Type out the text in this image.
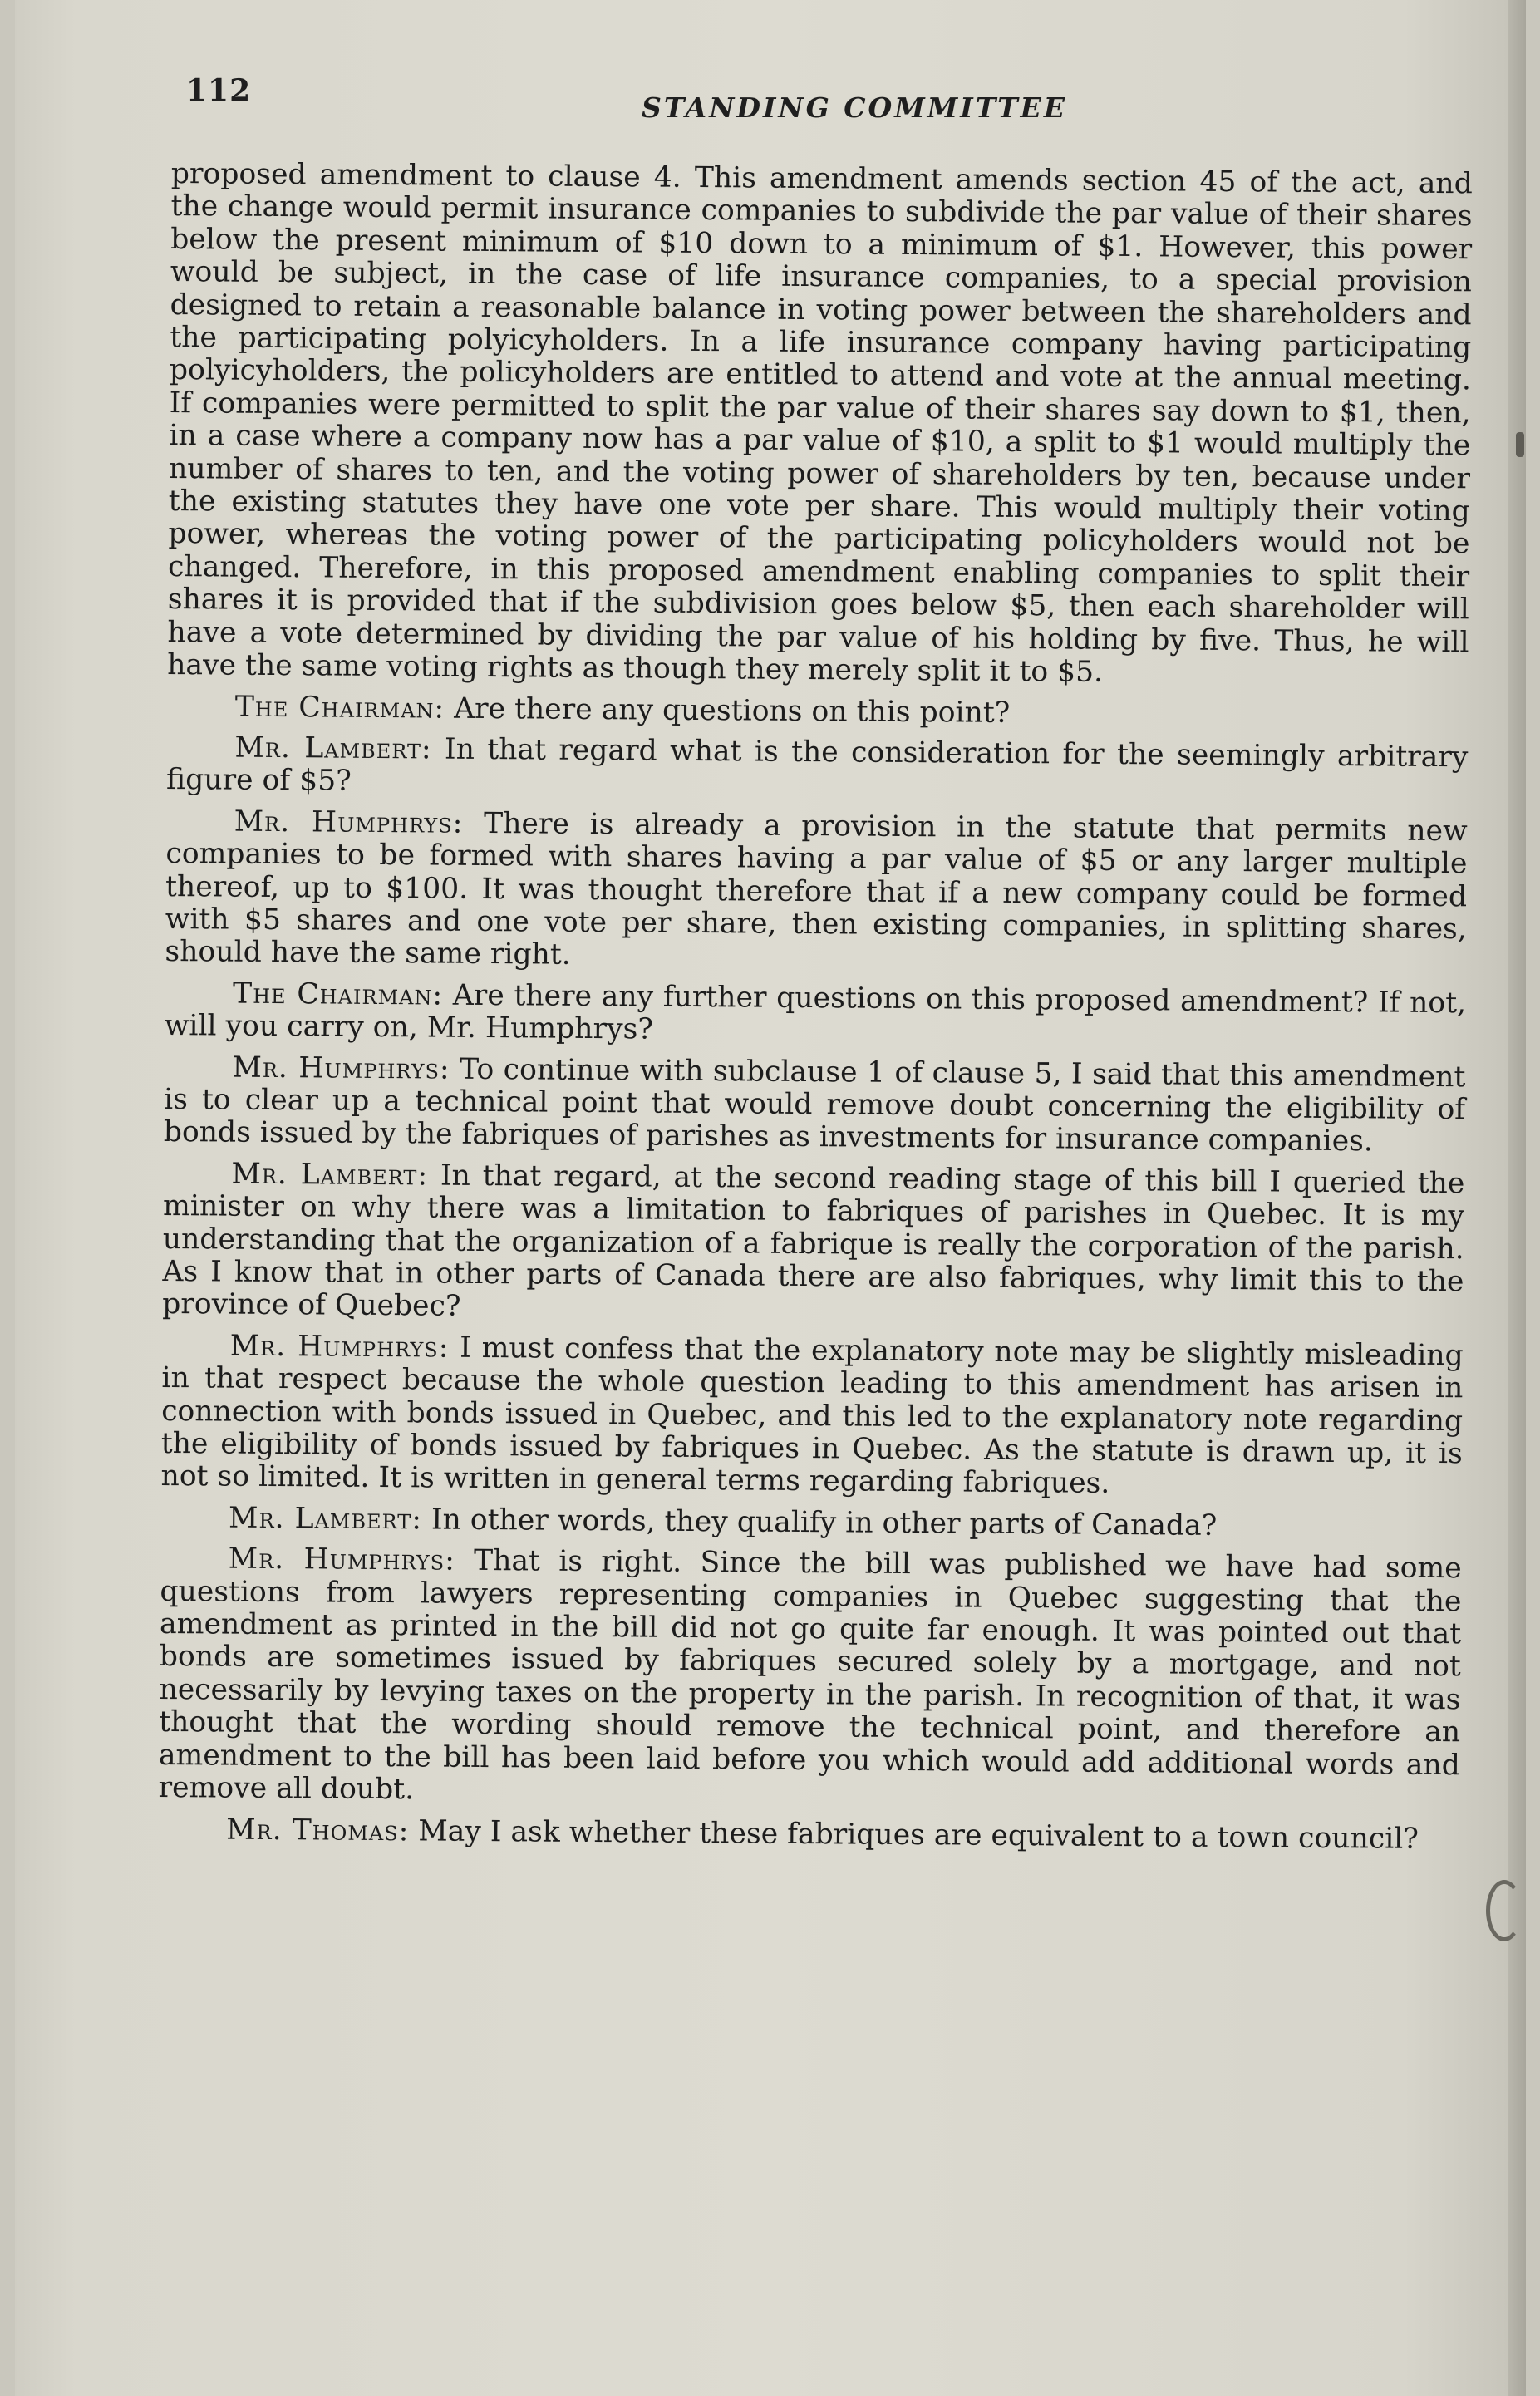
112	STANDING COMMITTEE

proposed amendment to clause 4. This amendment amends section 45 of the act, and the change would permit insurance companies to subdivide the par value of their shares below the present minimum of $10 down to a minimum of $1. However, this power would be subject, in the case of life insurance companies, to a special provision designed to retain a reasonable balance in voting power between the shareholders and the participating polyicyholders. In a life insurance company having participating polyicyholders, the policyholders are entitled to attend and vote at the annual meeting. If companies were permitted to split the par value of their shares say down to $1, then, in a case where a company now has a par value of $10, a split to $1 would multiply the number of shares to ten, and the voting power of shareholders by ten, because under the existing statutes they have one vote per share. This would multiply their voting power, whereas the voting power of the participating policyholders would not be changed. Therefore, in this proposed amendment enabling companies to split their shares it is provided that if the subdivision goes below $5, then each shareholder will have a vote determined by dividing the par value of his holding by five. Thus, he will have the same voting rights as though they merely split it to $5.

The Chairman: Are there any questions on this point?

Mr. Lambert: In that regard what is the consideration for the seemingly arbitrary figure of $5?

Mr. Humphrys: There is already a provision in the statute that permits new companies to be formed with shares having a par value of $5 or any larger multiple thereof, up to $100. It was thought therefore that if a new company could be formed with $5 shares and one vote per share, then existing companies, in splitting shares, should have the same right.

The Chairman: Are there any further questions on this proposed amendment? If not, will you carry on, Mr. Humphrys?

Mr. Humphrys: To continue with subclause 1 of clause 5, I said that this amendment is to clear up a technical point that would remove doubt concerning the eligibility of bonds issued by the fabriques of parishes as investments for insurance companies.

Mr. Lambert: In that regard, at the second reading stage of this bill I queried the minister on why there was a limitation to fabriques of parishes in Quebec. It is my understanding that the organization of a fabrique is really the corporation of the parish. As I know that in other parts of Canada there are also fabriques, why limit this to the province of Quebec?

Mr. Humphrys: I must confess that the explanatory note may be slightly misleading in that respect because the whole question leading to this amendment has arisen in connection with bonds issued in Quebec, and this led to the explanatory note regarding the eligibility of bonds issued by fabriques in Quebec. As the statute is drawn up, it is not so limited. It is written in general terms regarding fabriques.

Mr. Lambert: In other words, they qualify in other parts of Canada?

Mr. Humphrys: That is right. Since the bill was published we have had some questions from lawyers representing companies in Quebec suggesting that the amendment as printed in the bill did not go quite far enough. It was pointed out that bonds are sometimes issued by fabriques secured solely by a mortgage, and not necessarily by levying taxes on the property in the parish. In recognition of that, it was thought that the wording should remove the technical point, and therefore an amendment to the bill has been laid before you which would add additional words and remove all doubt.

Mr. Thomas: May I ask whether these fabriques are equivalent to a town council?
